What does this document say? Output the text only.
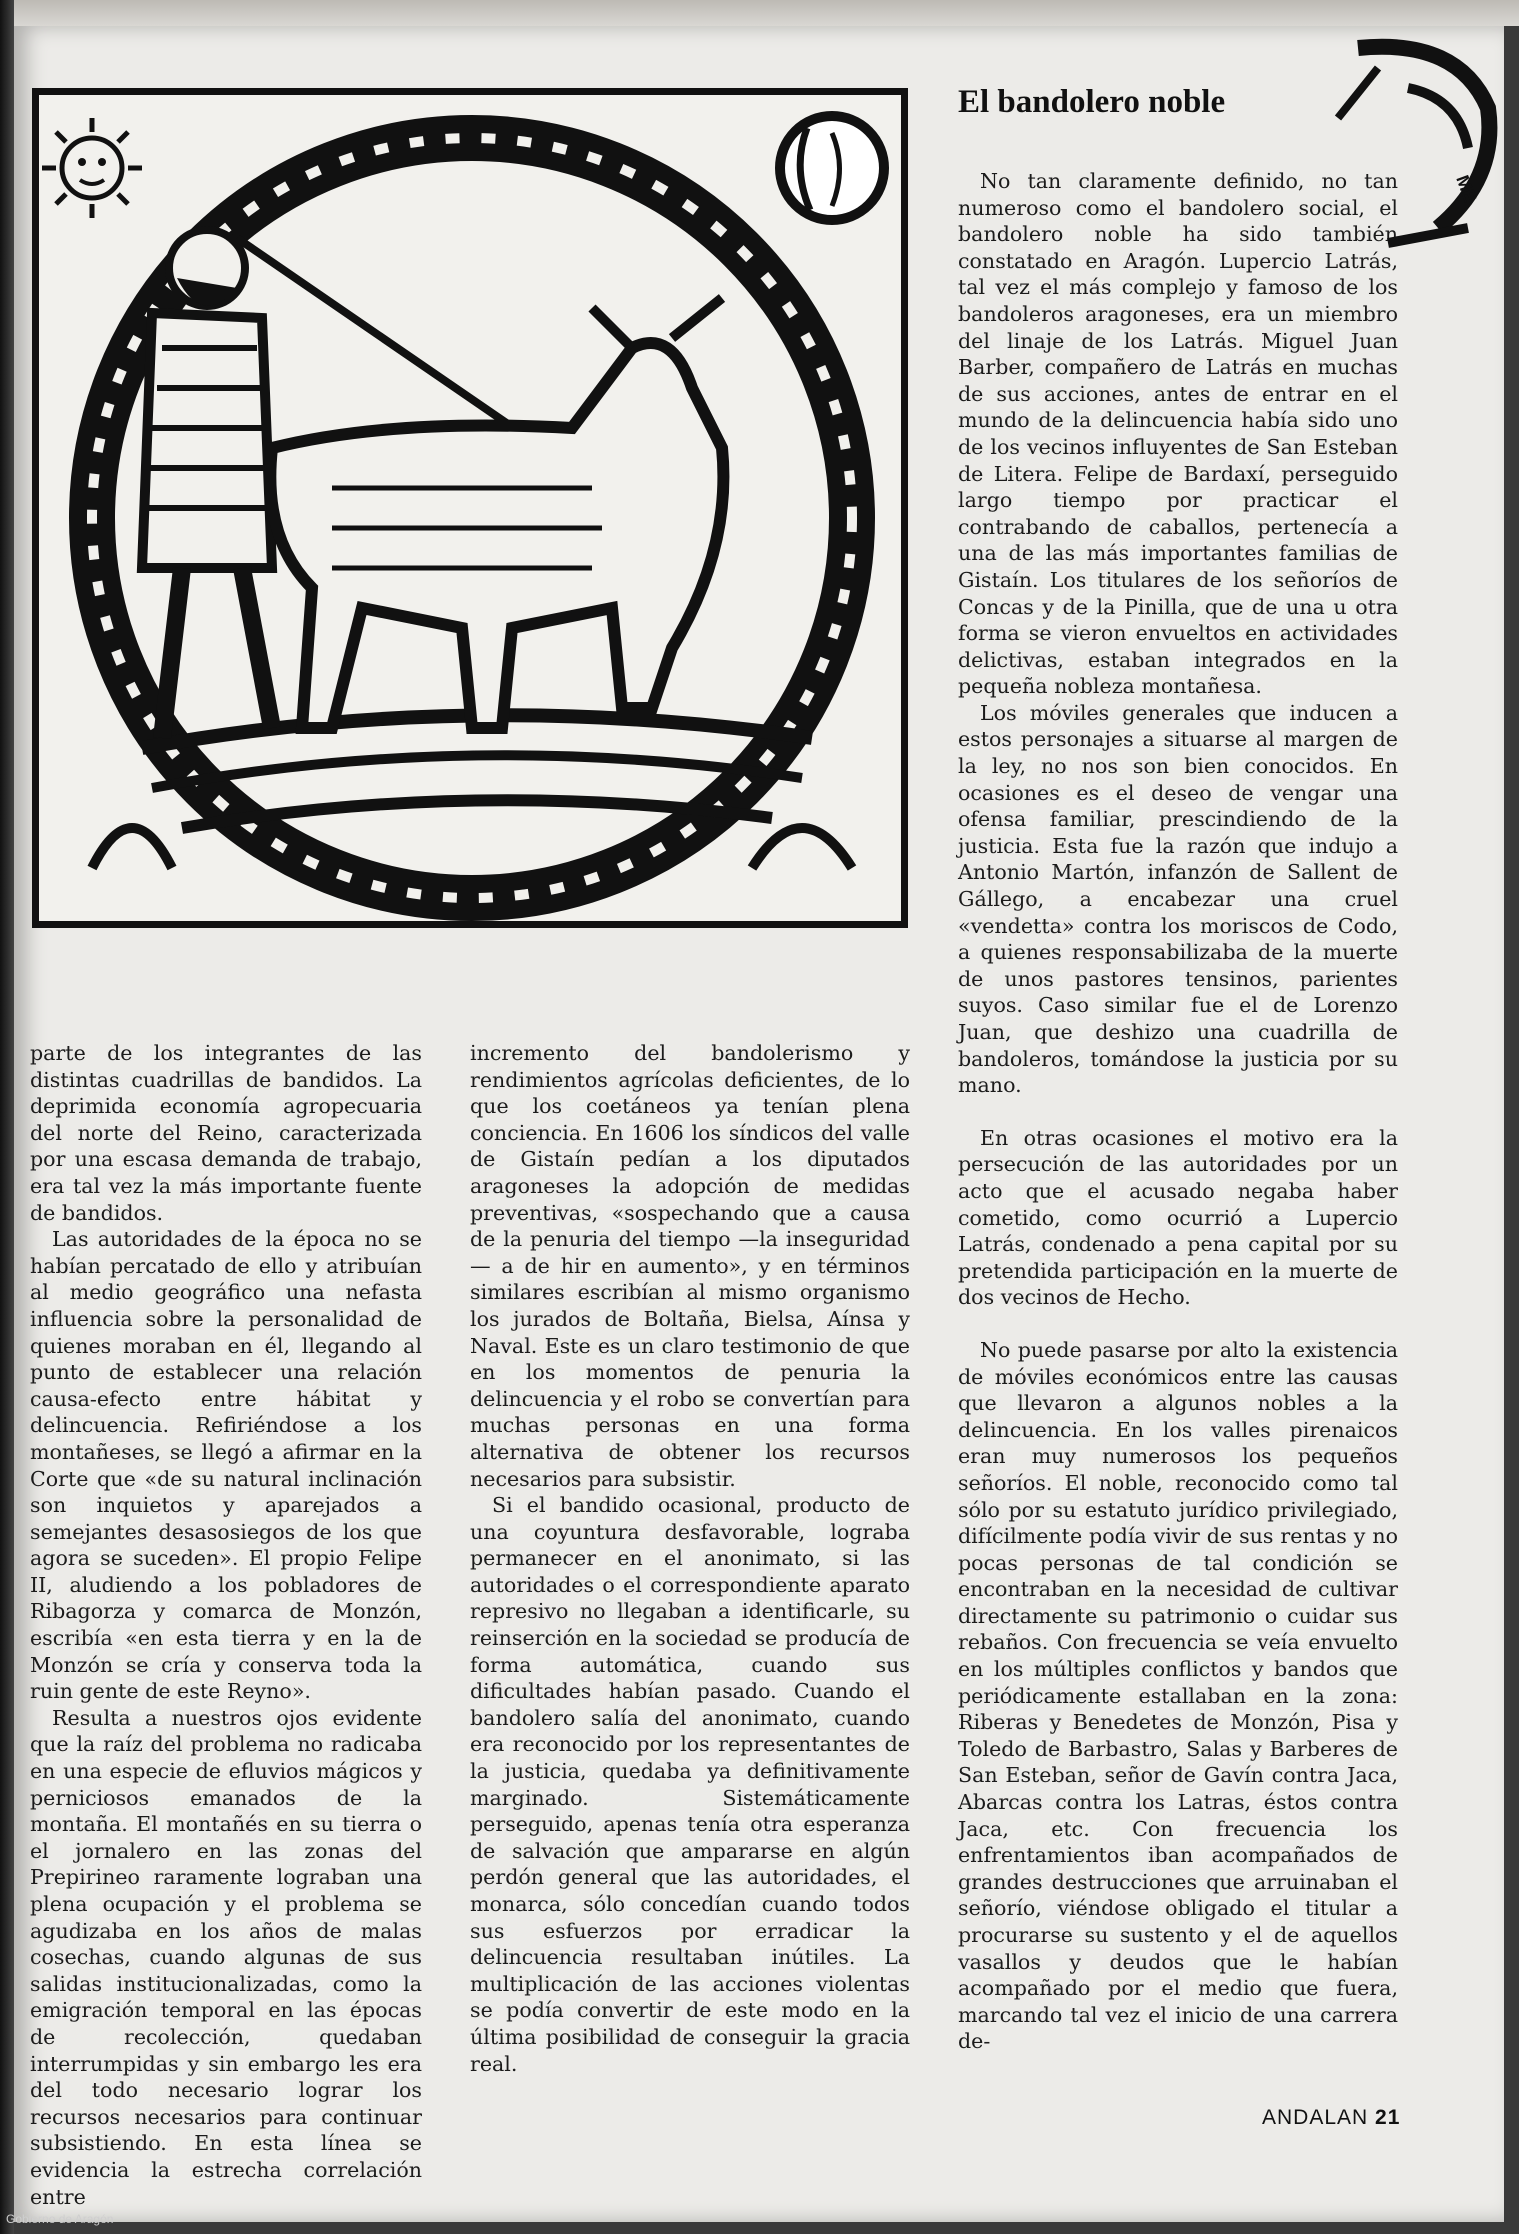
parte de los integrantes de las distintas cuadrillas de bandidos. La deprimida economía agropecuaria del norte del Reino, caracterizada por una escasa demanda de trabajo, era tal vez la más importante fuente de bandidos.

Las autoridades de la época no se habían percatado de ello y atribuían al medio geográfico una nefasta influencia sobre la personalidad de quienes moraban en él, llegando al punto de establecer una relación causa-efecto entre hábitat y delincuencia. Refiriéndose a los montañeses, se llegó a afirmar en la Corte que «de su natural inclinación son inquietos y aparejados a semejantes desasosiegos de los que agora se suceden». El propio Felipe II, aludiendo a los pobladores de Ribagorza y comarca de Monzón, escribía «en esta tierra y en la de Monzón se cría y conserva toda la ruin gente de este Reyno».

Resulta a nuestros ojos evidente que la raíz del problema no radicaba en una especie de efluvios mágicos y perniciosos emanados de la montaña. El montañés en su tierra o el jornalero en las zonas del Prepirineo raramente lograban una plena ocupación y el problema se agudizaba en los años de malas cosechas, cuando algunas de sus salidas institucionalizadas, como la emigración temporal en las épocas de recolección, quedaban interrumpidas y sin embargo les era del todo necesario lograr los recursos necesarios para continuar subsistiendo. En esta línea se evidencia la estrecha correlación entre

incremento del bandolerismo y rendimientos agrícolas deficientes, de lo que los coetáneos ya tenían plena conciencia. En 1606 los síndicos del valle de Gistaín pedían a los diputados aragoneses la adopción de medidas preventivas, «sospechando que a causa de la penuria del tiempo —la inseguridad— a de hir en aumento», y en términos similares escribían al mismo organismo los jurados de Boltaña, Bielsa, Aínsa y Naval. Este es un claro testimonio de que en los momentos de penuria la delincuencia y el robo se convertían para muchas personas en una forma alternativa de obtener los recursos necesarios para subsistir.

Si el bandido ocasional, producto de una coyuntura desfavorable, lograba permanecer en el anonimato, si las autoridades o el correspondiente aparato represivo no llegaban a identificarle, su reinserción en la sociedad se producía de forma automática, cuando sus dificultades habían pasado. Cuando el bandolero salía del anonimato, cuando era reconocido por los representantes de la justicia, quedaba ya definitivamente marginado. Sistemáticamente perseguido, apenas tenía otra esperanza de salvación que ampararse en algún perdón general que las autoridades, el monarca, sólo concedían cuando todos sus esfuerzos por erradicar la delincuencia resultaban inútiles. La multiplicación de las acciones violentas se podía convertir de este modo en la última posibilidad de conseguir la gracia real.

El bandolero noble

No tan claramente definido, no tan numeroso como el bandolero social, el bandolero noble ha sido también constatado en Aragón. Lupercio Latrás, tal vez el más complejo y famoso de los bandoleros aragoneses, era un miembro del linaje de los Latrás. Miguel Juan Barber, compañero de Latrás en muchas de sus acciones, antes de entrar en el mundo de la delincuencia había sido uno de los vecinos influyentes de San Esteban de Litera. Felipe de Bardaxí, perseguido largo tiempo por practicar el contrabando de caballos, pertenecía a una de las más importantes familias de Gistaín. Los titulares de los señoríos de Concas y de la Pinilla, que de una u otra forma se vieron envueltos en actividades delictivas, estaban integrados en la pequeña nobleza montañesa.

Los móviles generales que inducen a estos personajes a situarse al margen de la ley, no nos son bien conocidos. En ocasiones es el deseo de vengar una ofensa familiar, prescindiendo de la justicia. Esta fue la razón que indujo a Antonio Martón, infanzón de Sallent de Gállego, a encabezar una cruel «vendetta» contra los moriscos de Codo, a quienes responsabilizaba de la muerte de unos pastores tensinos, parientes suyos. Caso similar fue el de Lorenzo Juan, que deshizo una cuadrilla de bandoleros, tomándose la justicia por su mano.

En otras ocasiones el motivo era la persecución de las autoridades por un acto que el acusado negaba haber cometido, como ocurrió a Lupercio Latrás, condenado a pena capital por su pretendida participación en la muerte de dos vecinos de Hecho.

No puede pasarse por alto la existencia de móviles económicos entre las causas que llevaron a algunos nobles a la delincuencia. En los valles pirenaicos eran muy numerosos los pequeños señoríos. El noble, reconocido como tal sólo por su estatuto jurídico privilegiado, difícilmente podía vivir de sus rentas y no pocas personas de tal condición se encontraban en la necesidad de cultivar directamente su patrimonio o cuidar sus rebaños. Con frecuencia se veía envuelto en los múltiples conflictos y bandos que periódicamente estallaban en la zona: Riberas y Benedetes de Monzón, Pisa y Toledo de Barbastro, Salas y Barberes de San Esteban, señor de Gavín contra Jaca, Abarcas contra los Latras, éstos contra Jaca, etc. Con frecuencia los enfrentamientos iban acompañados de grandes destrucciones que arruinaban el señorío, viéndose obligado el titular a procurarse su sustento y el de aquellos vasallos y deudos que le habían acompañado por el medio que fuera, marcando tal vez el inicio de una carrera de-

ME
ANDALAN 21
Gobierno de Aragón
